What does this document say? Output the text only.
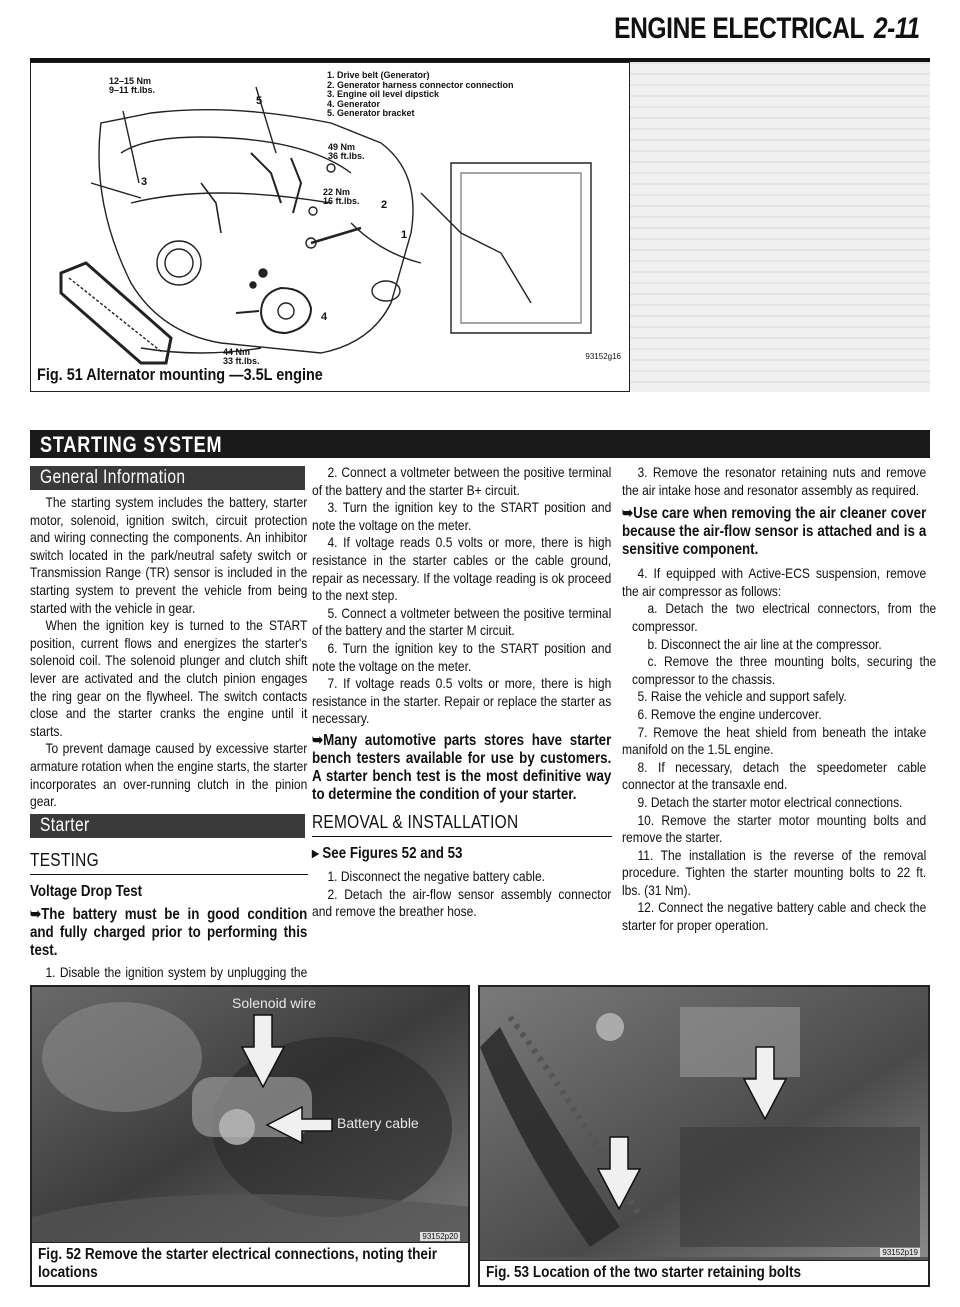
ENGINE ELECTRICAL 2-11
12–15 Nm
9–11 ft.lbs.
49 Nm
36 ft.lbs.
22 Nm
16 ft.lbs.
44 Nm
33 ft.lbs.
1
2
3
4
5
1. Drive belt (Generator)
2. Generator harness connector connection
3. Engine oil level dipstick
4. Generator
5. Generator bracket
93152g16
Fig. 51 Alternator mounting —3.5L engine
STARTING SYSTEM
General Information

The starting system includes the battery, starter motor, solenoid, ignition switch, circuit protection and wiring connecting the components. An inhibitor switch located in the park/neutral safety switch or Transmission Range (TR) sensor is included in the starting system to prevent the vehicle from being started with the vehicle in gear.

When the ignition key is turned to the START position, current flows and energizes the starter's solenoid coil. The solenoid plunger and clutch shift lever are activated and the clutch pinion engages the ring gear on the flywheel. The switch contacts close and the starter cranks the engine until it starts.

To prevent damage caused by excessive starter armature rotation when the engine starts, the starter incorporates an over-running clutch in the pinion gear.

Starter
TESTING
Voltage Drop Test

➥The battery must be in good condition and fully charged prior to performing this test.

1. Disable the ignition system by unplugging the

2. Connect a voltmeter between the positive terminal of the battery and the starter B+ circuit.

3. Turn the ignition key to the START position and note the voltage on the meter.

4. If voltage reads 0.5 volts or more, there is high resistance in the starter cables or the cable ground, repair as necessary. If the voltage reading is ok proceed to the next step.

5. Connect a voltmeter between the positive terminal of the battery and the starter M circuit.

6. Turn the ignition key to the START position and note the voltage on the meter.

7. If voltage reads 0.5 volts or more, there is high resistance in the starter. Repair or replace the starter as necessary.

➥Many automotive parts stores have starter bench testers available for use by customers. A starter bench test is the most definitive way to determine the condition of your starter.

REMOVAL & INSTALLATION
▸ See Figures 52 and 53

1. Disconnect the negative battery cable.

2. Detach the air-flow sensor assembly connector and remove the breather hose.

3. Remove the resonator retaining nuts and remove the air intake hose and resonator assembly as required.

➥Use care when removing the air cleaner cover because the air-flow sensor is attached and is a sensitive component.

4. If equipped with Active-ECS suspension, remove the air compressor as follows:

a. Detach the two electrical connectors, from the compressor.

b. Disconnect the air line at the compressor.

c. Remove the three mounting bolts, securing the compressor to the chassis.

5. Raise the vehicle and support safely.

6. Remove the engine undercover.

7. Remove the heat shield from beneath the intake manifold on the 1.5L engine.

8. If necessary, detach the speedometer cable connector at the transaxle end.

9. Detach the starter motor electrical connections.

10. Remove the starter motor mounting bolts and remove the starter.

11. The installation is the reverse of the removal procedure. Tighten the starter mounting bolts to 22 ft. lbs. (31 Nm).

12. Connect the negative battery cable and check the starter for proper operation.

Solenoid wire
Battery cable
93152p20
Fig. 52 Remove the starter electrical connections, noting their locations
93152p19
Fig. 53 Location of the two starter retaining bolts
